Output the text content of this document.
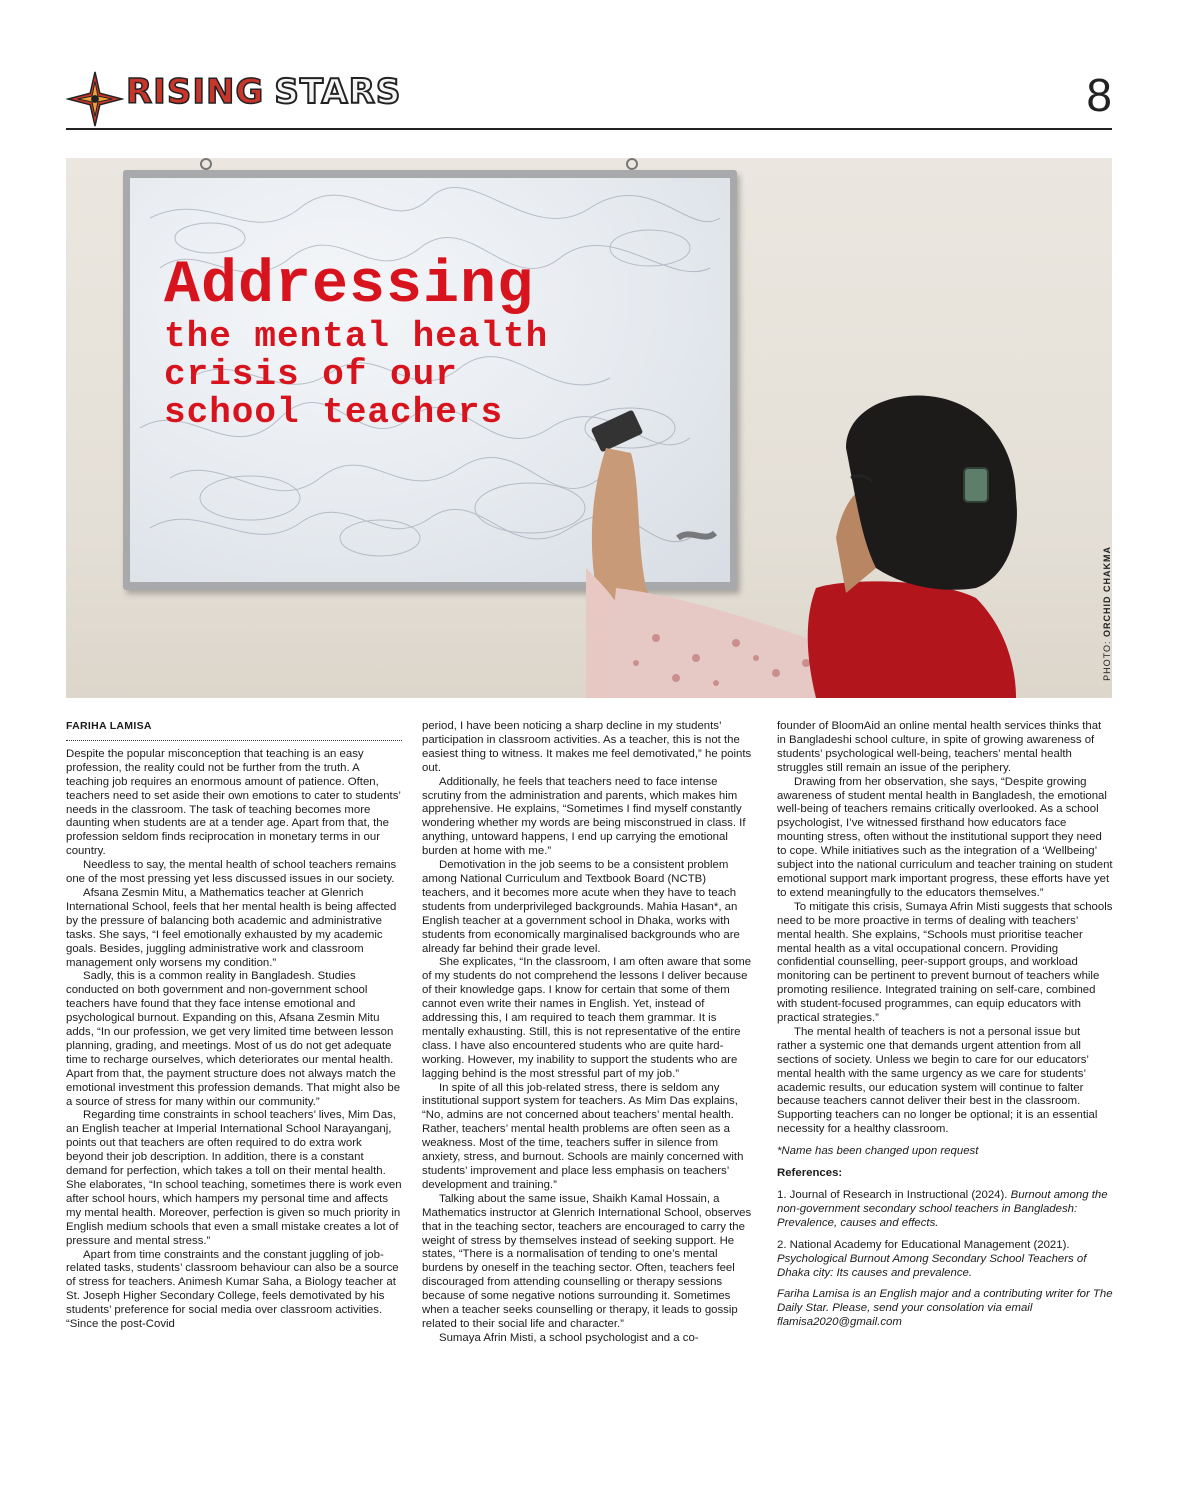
RISING STARS	8
Addressing
the mental health
crisis of our
school teachers
PHOTO: ORCHID CHAKMA
FARIHA LAMISA

Despite the popular misconception that teaching is an easy profession, the reality could not be further from the truth. A teaching job requires an enormous amount of patience. Often, teachers need to set aside their own emotions to cater to students’ needs in the classroom. The task of teaching becomes more daunting when students are at a tender age. Apart from that, the profession seldom finds reciprocation in monetary terms in our country.

Needless to say, the mental health of school teachers remains one of the most pressing yet less discussed issues in our society.

Afsana Zesmin Mitu, a Mathematics teacher at Glenrich International School, feels that her mental health is being affected by the pressure of balancing both academic and administrative tasks. She says, “I feel emotionally exhausted by my academic goals. Besides, juggling administrative work and classroom management only worsens my condition.”

Sadly, this is a common reality in Bangladesh. Studies conducted on both government and non-government school teachers have found that they face intense emotional and psychological burnout. Expanding on this, Afsana Zesmin Mitu adds, “In our profession, we get very limited time between lesson planning, grading, and meetings. Most of us do not get adequate time to recharge ourselves, which deteriorates our mental health. Apart from that, the payment structure does not always match the emotional investment this profession demands. That might also be a source of stress for many within our community.”

Regarding time constraints in school teachers’ lives, Mim Das, an English teacher at Imperial International School Narayanganj, points out that teachers are often required to do extra work beyond their job description. In addition, there is a constant demand for perfection, which takes a toll on their mental health. She elaborates, “In school teaching, sometimes there is work even after school hours, which hampers my personal time and affects my mental health. Moreover, perfection is given so much priority in English medium schools that even a small mistake creates a lot of pressure and mental stress.”

Apart from time constraints and the constant juggling of job-related tasks, students’ classroom behaviour can also be a source of stress for teachers. Animesh Kumar Saha, a Biology teacher at St. Joseph Higher Secondary College, feels demotivated by his students’ preference for social media over classroom activities. “Since the post-Covid

period, I have been noticing a sharp decline in my students’ participation in classroom activities. As a teacher, this is not the easiest thing to witness. It makes me feel demotivated,” he points out.

Additionally, he feels that teachers need to face intense scrutiny from the administration and parents, which makes him apprehensive. He explains, “Sometimes I find myself constantly wondering whether my words are being misconstrued in class. If anything, untoward happens, I end up carrying the emotional burden at home with me.”

Demotivation in the job seems to be a consistent problem among National Curriculum and Textbook Board (NCTB) teachers, and it becomes more acute when they have to teach students from underprivileged backgrounds. Mahia Hasan*, an English teacher at a government school in Dhaka, works with students from economically marginalised backgrounds who are already far behind their grade level.

She explicates, “In the classroom, I am often aware that some of my students do not comprehend the lessons I deliver because of their knowledge gaps. I know for certain that some of them cannot even write their names in English. Yet, instead of addressing this, I am required to teach them grammar. It is mentally exhausting. Still, this is not representative of the entire class. I have also encountered students who are quite hard-working. However, my inability to support the students who are lagging behind is the most stressful part of my job.”

In spite of all this job-related stress, there is seldom any institutional support system for teachers. As Mim Das explains, “No, admins are not concerned about teachers’ mental health. Rather, teachers’ mental health problems are often seen as a weakness. Most of the time, teachers suffer in silence from anxiety, stress, and burnout. Schools are mainly concerned with students’ improvement and place less emphasis on teachers’ development and training.”

Talking about the same issue, Shaikh Kamal Hossain, a Mathematics instructor at Glenrich International School, observes that in the teaching sector, teachers are encouraged to carry the weight of stress by themselves instead of seeking support. He states, “There is a normalisation of tending to one’s mental burdens by oneself in the teaching sector. Often, teachers feel discouraged from attending counselling or therapy sessions because of some negative notions surrounding it. Sometimes when a teacher seeks counselling or therapy, it leads to gossip related to their social life and character.”

Sumaya Afrin Misti, a school psychologist and a co-

founder of BloomAid an online mental health services thinks that in Bangladeshi school culture, in spite of growing awareness of students’ psychological well-being, teachers’ mental health struggles still remain an issue of the periphery.

Drawing from her observation, she says, “Despite growing awareness of student mental health in Bangladesh, the emotional well-being of teachers remains critically overlooked. As a school psychologist, I’ve witnessed firsthand how educators face mounting stress, often without the institutional support they need to cope. While initiatives such as the integration of a ‘Wellbeing’ subject into the national curriculum and teacher training on student emotional support mark important progress, these efforts have yet to extend meaningfully to the educators themselves.”

To mitigate this crisis, Sumaya Afrin Misti suggests that schools need to be more proactive in terms of dealing with teachers’ mental health. She explains, “Schools must prioritise teacher mental health as a vital occupational concern. Providing confidential counselling, peer-support groups, and workload monitoring can be pertinent to prevent burnout of teachers while promoting resilience. Integrated training on self-care, combined with student-focused programmes, can equip educators with practical strategies.”

The mental health of teachers is not a personal issue but rather a systemic one that demands urgent attention from all sections of society. Unless we begin to care for our educators’ mental health with the same urgency as we care for students’ academic results, our education system will continue to falter because teachers cannot deliver their best in the classroom. Supporting teachers can no longer be optional; it is an essential necessity for a healthy classroom.

*Name has been changed upon request

References:

1. Journal of Research in Instructional (2024). Burnout among the non-government secondary school teachers in Bangladesh: Prevalence, causes and effects.

2. National Academy for Educational Management (2021). Psychological Burnout Among Secondary School Teachers of Dhaka city: Its causes and prevalence.

Fariha Lamisa is an English major and a contributing writer for The Daily Star. Please, send your consolation via email flamisa2020@gmail.com
